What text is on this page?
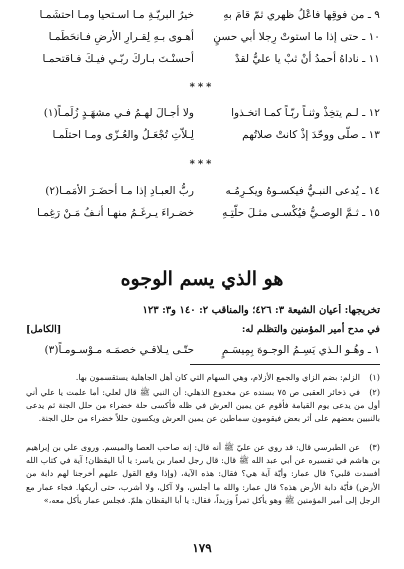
٩ ـ من فوقِها فاعْلُ ظهري ثمّ قامَ بهِ
خيرُ البريّـةِ مـا اسـتحيا ومـا احتشَمـا
١٠ ـ حتى إذا ما استوتْ رِجلا أبي حسنٍ
أهـوى بـهِ لِقـرارِ الأرضِ فـانحَطَمـا
١١ ـ ناداهُ أحمدُ أنْ ثبْ يا عليُّ لقدْ
أحسنْـتَ بـاركَ ربّـي فيـكَ فـاقتحمـا
***
١٢ ـ لـم يتخِذْ وثنـاً ربّـاً كمـا اتخـذوا
ولا أجـالَ لهـمُ فـي مشهَـدٍ زُلَمـاً(١)
١٣ ـ صلّى ووحّدَ إذْ كانتْ صلاتُهم
لِـلاّتِ تُجْعَـلُ والعُـزّى ومـا احتلَمـا
***
١٤ ـ يُدعى النبـيُّ فيكسـوهُ ويكـرِمُـه
ربُّ العبـادِ إذا مـا أحضَـرَ الأمَمـا(٢)
١٥ ـ ثـمَّ الوصـيُّ فيُكْسـى مثـلَ حلّتِـهِ
خضـراءَ يـرغَـمُ منهـا أنـفُ مَـنْ رَغِمـا
هو الذي يسم الوجوه
تخريجها: أعيان الشيعة ٣: ٤٢٦؛ والمناقب ٢: ١٤٠ و٣: ١٢٣
في مدح أمير المؤمنين والتظلم له:
[الكامل]
١ ـ وهُـو الـذي يَسِـمُ الوجـوهَ بِمِيسَـمٍ
حتّـى يـلاقـي خصمَـه مـوْسـومـاً(٣)
(١)الزلم: بضم الزاي والجمع الأزلام، وهي السهام التي كان أهل الجاهلية يستقسمون بها.
(٢)في ذخائر العقبى ص ٧٥ بسنده عن مخدوع الذهلي: أن النبي ﷺ قال لعلي: أما علمت يا علي أني أول من يدعى يوم القيامة فأقوم عن يمين العرش في ظله فأكسى حلة خضراء من حلل الجنة ثم يدعى بالنبيين بعضهم على أثر بعض فيقومون سماطين عن يمين العرش ويكسون حللاً خضراء من حلل الجنة.
(٣)عن الطبرسي قال: قد روي عن عليّ ﷺ أنه قال: إنه صاحب العصا والميسم. وروى علي بن إبراهيم بن هاشم في تفسيره عن أبي عبد الله ﷺ قال: قال رجل لعمار بن ياسر: يا أبا اليقظان! آية في كتاب الله أفسدت قلبي؟ قال عمار: وأيّة آية هي؟ فقال: هذه الآية، (وإذا وقع القول عليهم أخرجنا لهم دابة من الأرض) فأيّة دابة الأرض هذه؟ قال عمار: والله ما أجلس، ولا آكل، ولا أشرب، حتى أريكها. فجاء عمار مع الرجل إلى أمير المؤمنين ﷺ وهو يأكل تمراً وزبداً، فقال: يا أبا اليقظان هلمّ. فجلس عمار يأكل معه،»
١٧٩
